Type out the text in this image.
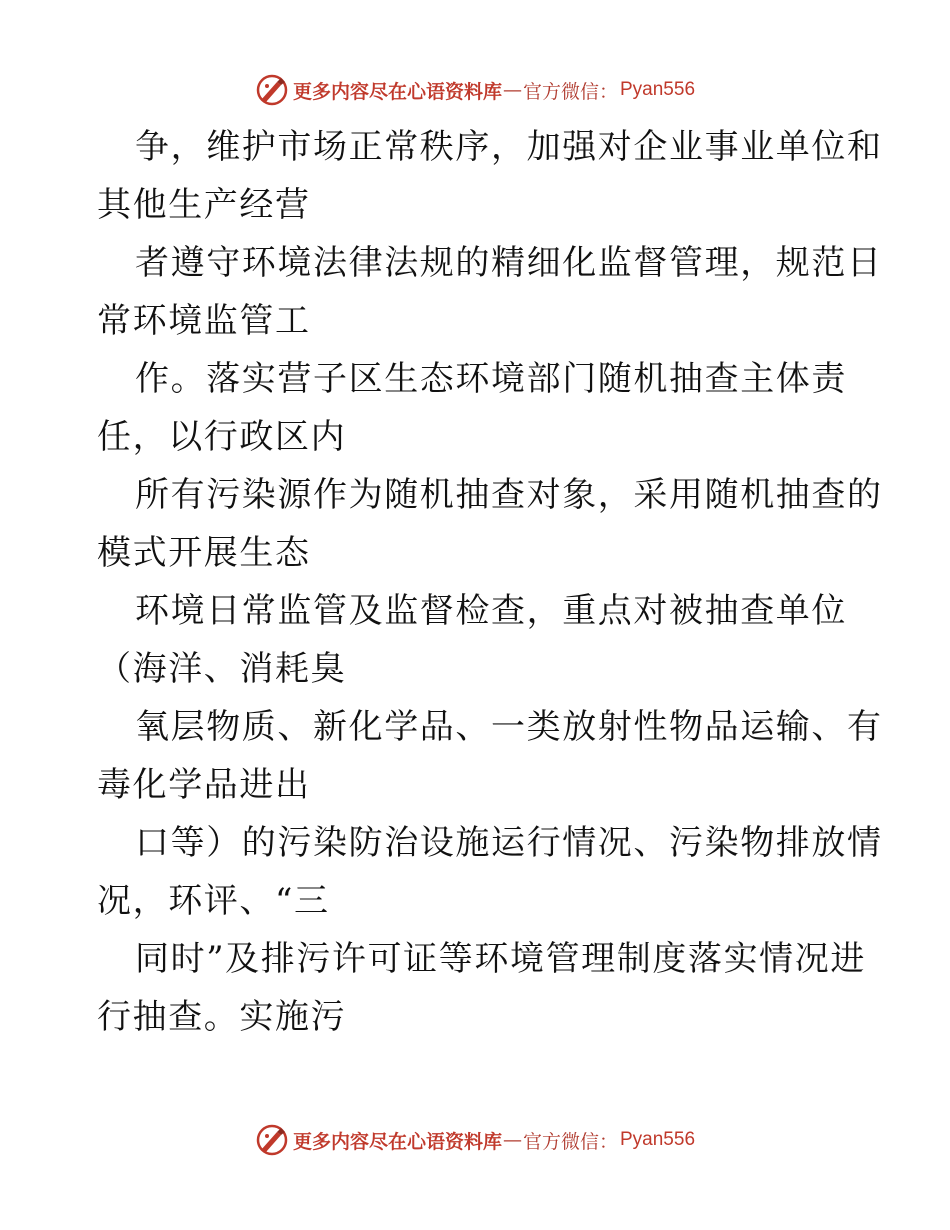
更多内容尽在心语资料库 — 官方微信： Pyan556

争，维护市场正常秩序，加强对企业事业单位和

其他生产经营

者遵守环境法律法规的精细化监督管理，规范日

常环境监管工

作。落实营子区生态环境部门随机抽查主体责

任，以行政区内

所有污染源作为随机抽查对象，采用随机抽查的

模式开展生态

环境日常监管及监督检查，重点对被抽查单位

（海洋、消耗臭

氧层物质、新化学品、一类放射性物品运输、有

毒化学品进出

口等）的污染防治设施运行情况、污染物排放情

况，环评、“三

同时”及排污许可证等环境管理制度落实情况进

行抽查。实施污

更多内容尽在心语资料库 — 官方微信： Pyan556
